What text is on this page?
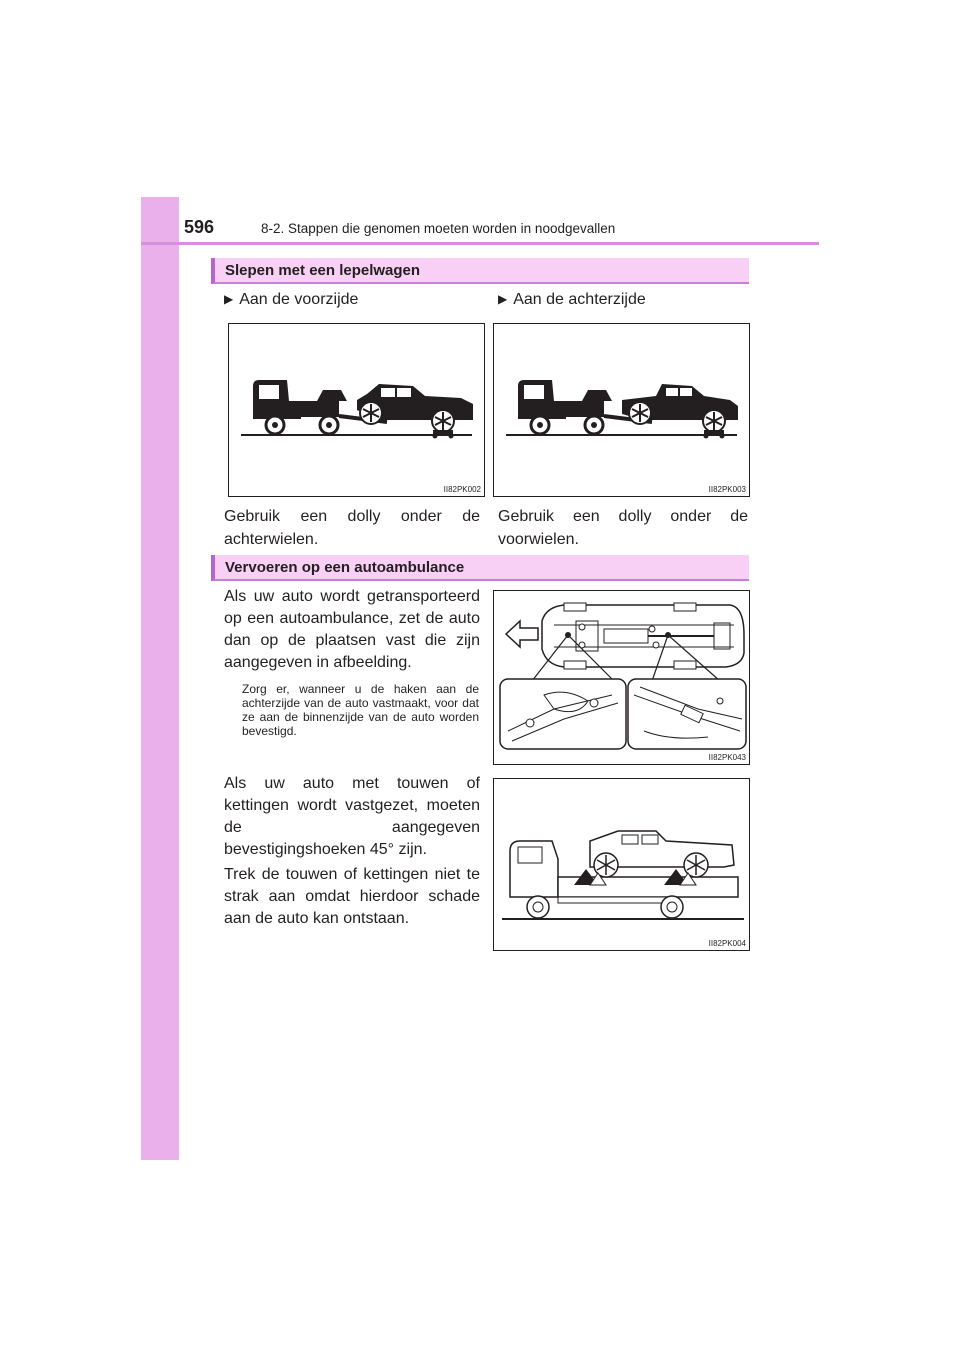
596	8-2. Stappen die genomen moeten worden in noodgevallen
Slepen met een lepelwagen
▶ Aan de voorzijde	▶ Aan de achterzijde
II82PK002	II82PK003
Gebruik een dolly onder de achterwielen.
Gebruik een dolly onder de voorwielen.
Vervoeren op een autoambulance
Als uw auto wordt getransporteerd op een autoambulance, zet de auto dan op de plaatsen vast die zijn aangegeven in afbeelding.
Zorg er, wanneer u de haken aan de achterzijde van de auto vastmaakt, voor dat ze aan de binnenzijde van de auto worden bevestigd.
Als uw auto met touwen of kettingen wordt vastgezet, moeten de aangegeven bevestigingshoeken 45° zijn.
Trek de touwen of kettingen niet te strak aan omdat hierdoor schade aan de auto kan ontstaan.
II82PK043
II82PK004
